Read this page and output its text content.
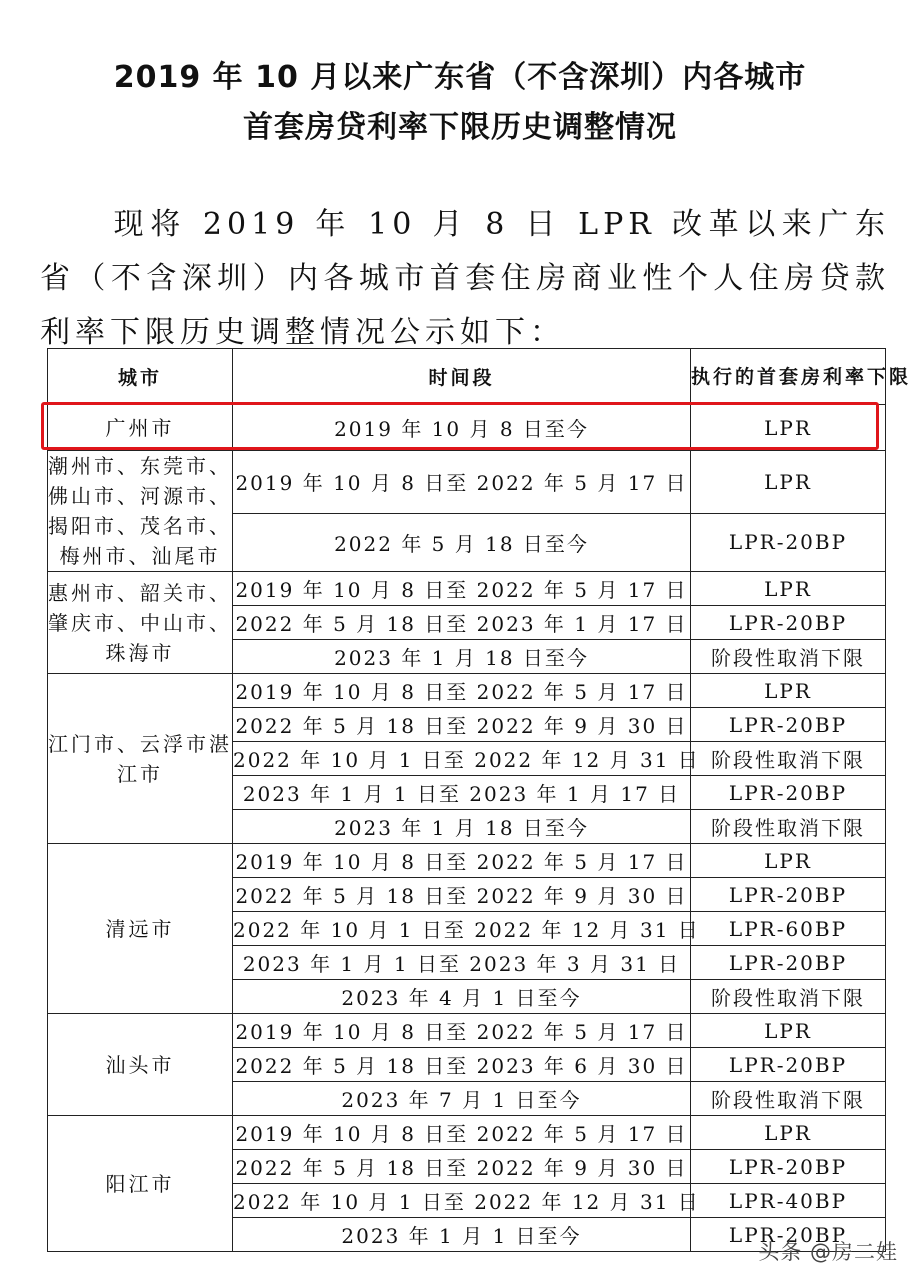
2019 年 10 月以来广东省（不含深圳）内各城市
首套房贷利率下限历史调整情况
现将 2019 年 10 月 8 日 LPR 改革以来广东省（不含深圳）内各城市首套住房商业性个人住房贷款利率下限历史调整情况公示如下：
城市	时间段	执行的首套房利率下限
广州市	2019 年 10 月 8 日至今	LPR
潮州市、东莞市、佛山市、河源市、揭阳市、茂名市、梅州市、汕尾市	2019 年 10 月 8 日至 2022 年 5 月 17 日	LPR
	2022 年 5 月 18 日至今	LPR-20BP
惠州市、韶关市、肇庆市、中山市、珠海市	2019 年 10 月 8 日至 2022 年 5 月 17 日	LPR
	2022 年 5 月 18 日至 2023 年 1 月 17 日	LPR-20BP
	2023 年 1 月 18 日至今	阶段性取消下限
江门市、云浮市湛江市	2019 年 10 月 8 日至 2022 年 5 月 17 日	LPR
	2022 年 5 月 18 日至 2022 年 9 月 30 日	LPR-20BP
	2022 年 10 月 1 日至 2022 年 12 月 31 日	阶段性取消下限
	2023 年 1 月 1 日至 2023 年 1 月 17 日	LPR-20BP
	2023 年 1 月 18 日至今	阶段性取消下限
清远市	2019 年 10 月 8 日至 2022 年 5 月 17 日	LPR
	2022 年 5 月 18 日至 2022 年 9 月 30 日	LPR-20BP
	2022 年 10 月 1 日至 2022 年 12 月 31 日	LPR-60BP
	2023 年 1 月 1 日至 2023 年 3 月 31 日	LPR-20BP
	2023 年 4 月 1 日至今	阶段性取消下限
汕头市	2019 年 10 月 8 日至 2022 年 5 月 17 日	LPR
	2022 年 5 月 18 日至 2023 年 6 月 30 日	LPR-20BP
	2023 年 7 月 1 日至今	阶段性取消下限
阳江市	2019 年 10 月 8 日至 2022 年 5 月 17 日	LPR
	2022 年 5 月 18 日至 2022 年 9 月 30 日	LPR-20BP
	2022 年 10 月 1 日至 2022 年 12 月 31 日	LPR-40BP
	2023 年 1 月 1 日至今	LPR-20BP
头条 @房二娃
